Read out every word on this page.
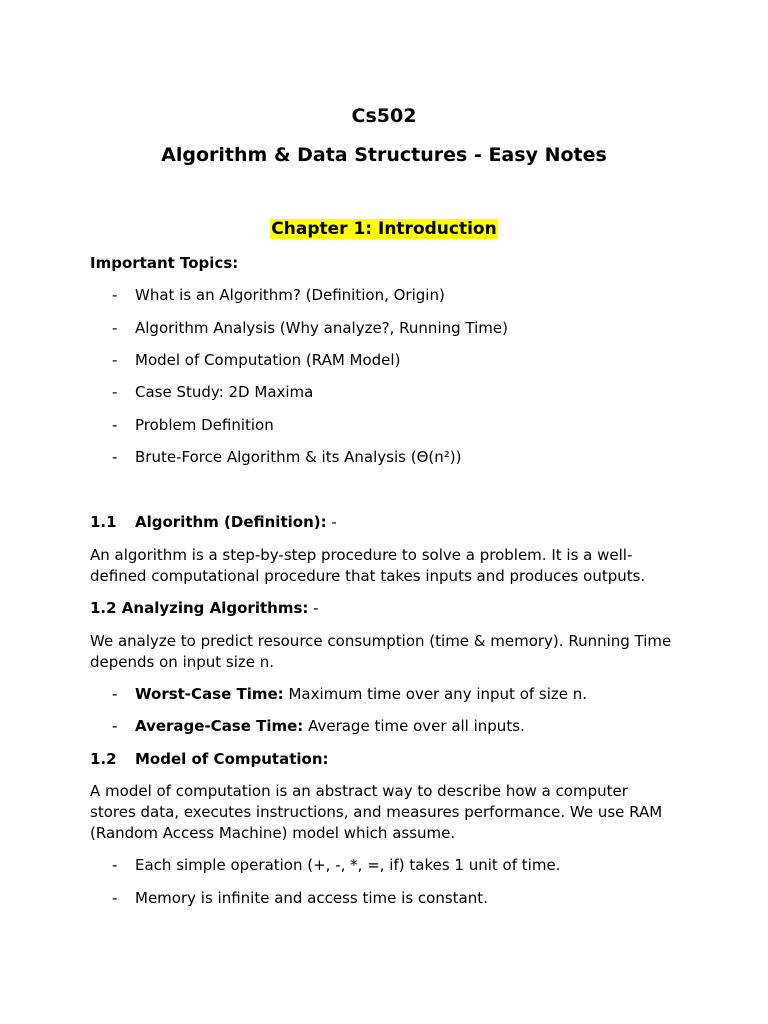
Cs502
Algorithm & Data Structures - Easy Notes
Chapter 1: Introduction
Important Topics:
- What is an Algorithm? (Definition, Origin)
- Algorithm Analysis (Why analyze?, Running Time)
- Model of Computation (RAM Model)
- Case Study: 2D Maxima
- Problem Definition
- Brute-Force Algorithm & its Analysis (Θ(n²))
1.1 Algorithm (Definition): -
An algorithm is a step-by-step procedure to solve a problem. It is a well-
defined computational procedure that takes inputs and produces outputs.
1.2 Analyzing Algorithms: -
We analyze to predict resource consumption (time & memory). Running Time
depends on input size n.
- Worst-Case Time: Maximum time over any input of size n.
- Average-Case Time: Average time over all inputs.
1.2 Model of Computation:
A model of computation is an abstract way to describe how a computer
stores data, executes instructions, and measures performance. We use RAM
(Random Access Machine) model which assume.
- Each simple operation (+, -, *, =, if) takes 1 unit of time.
- Memory is infinite and access time is constant.
